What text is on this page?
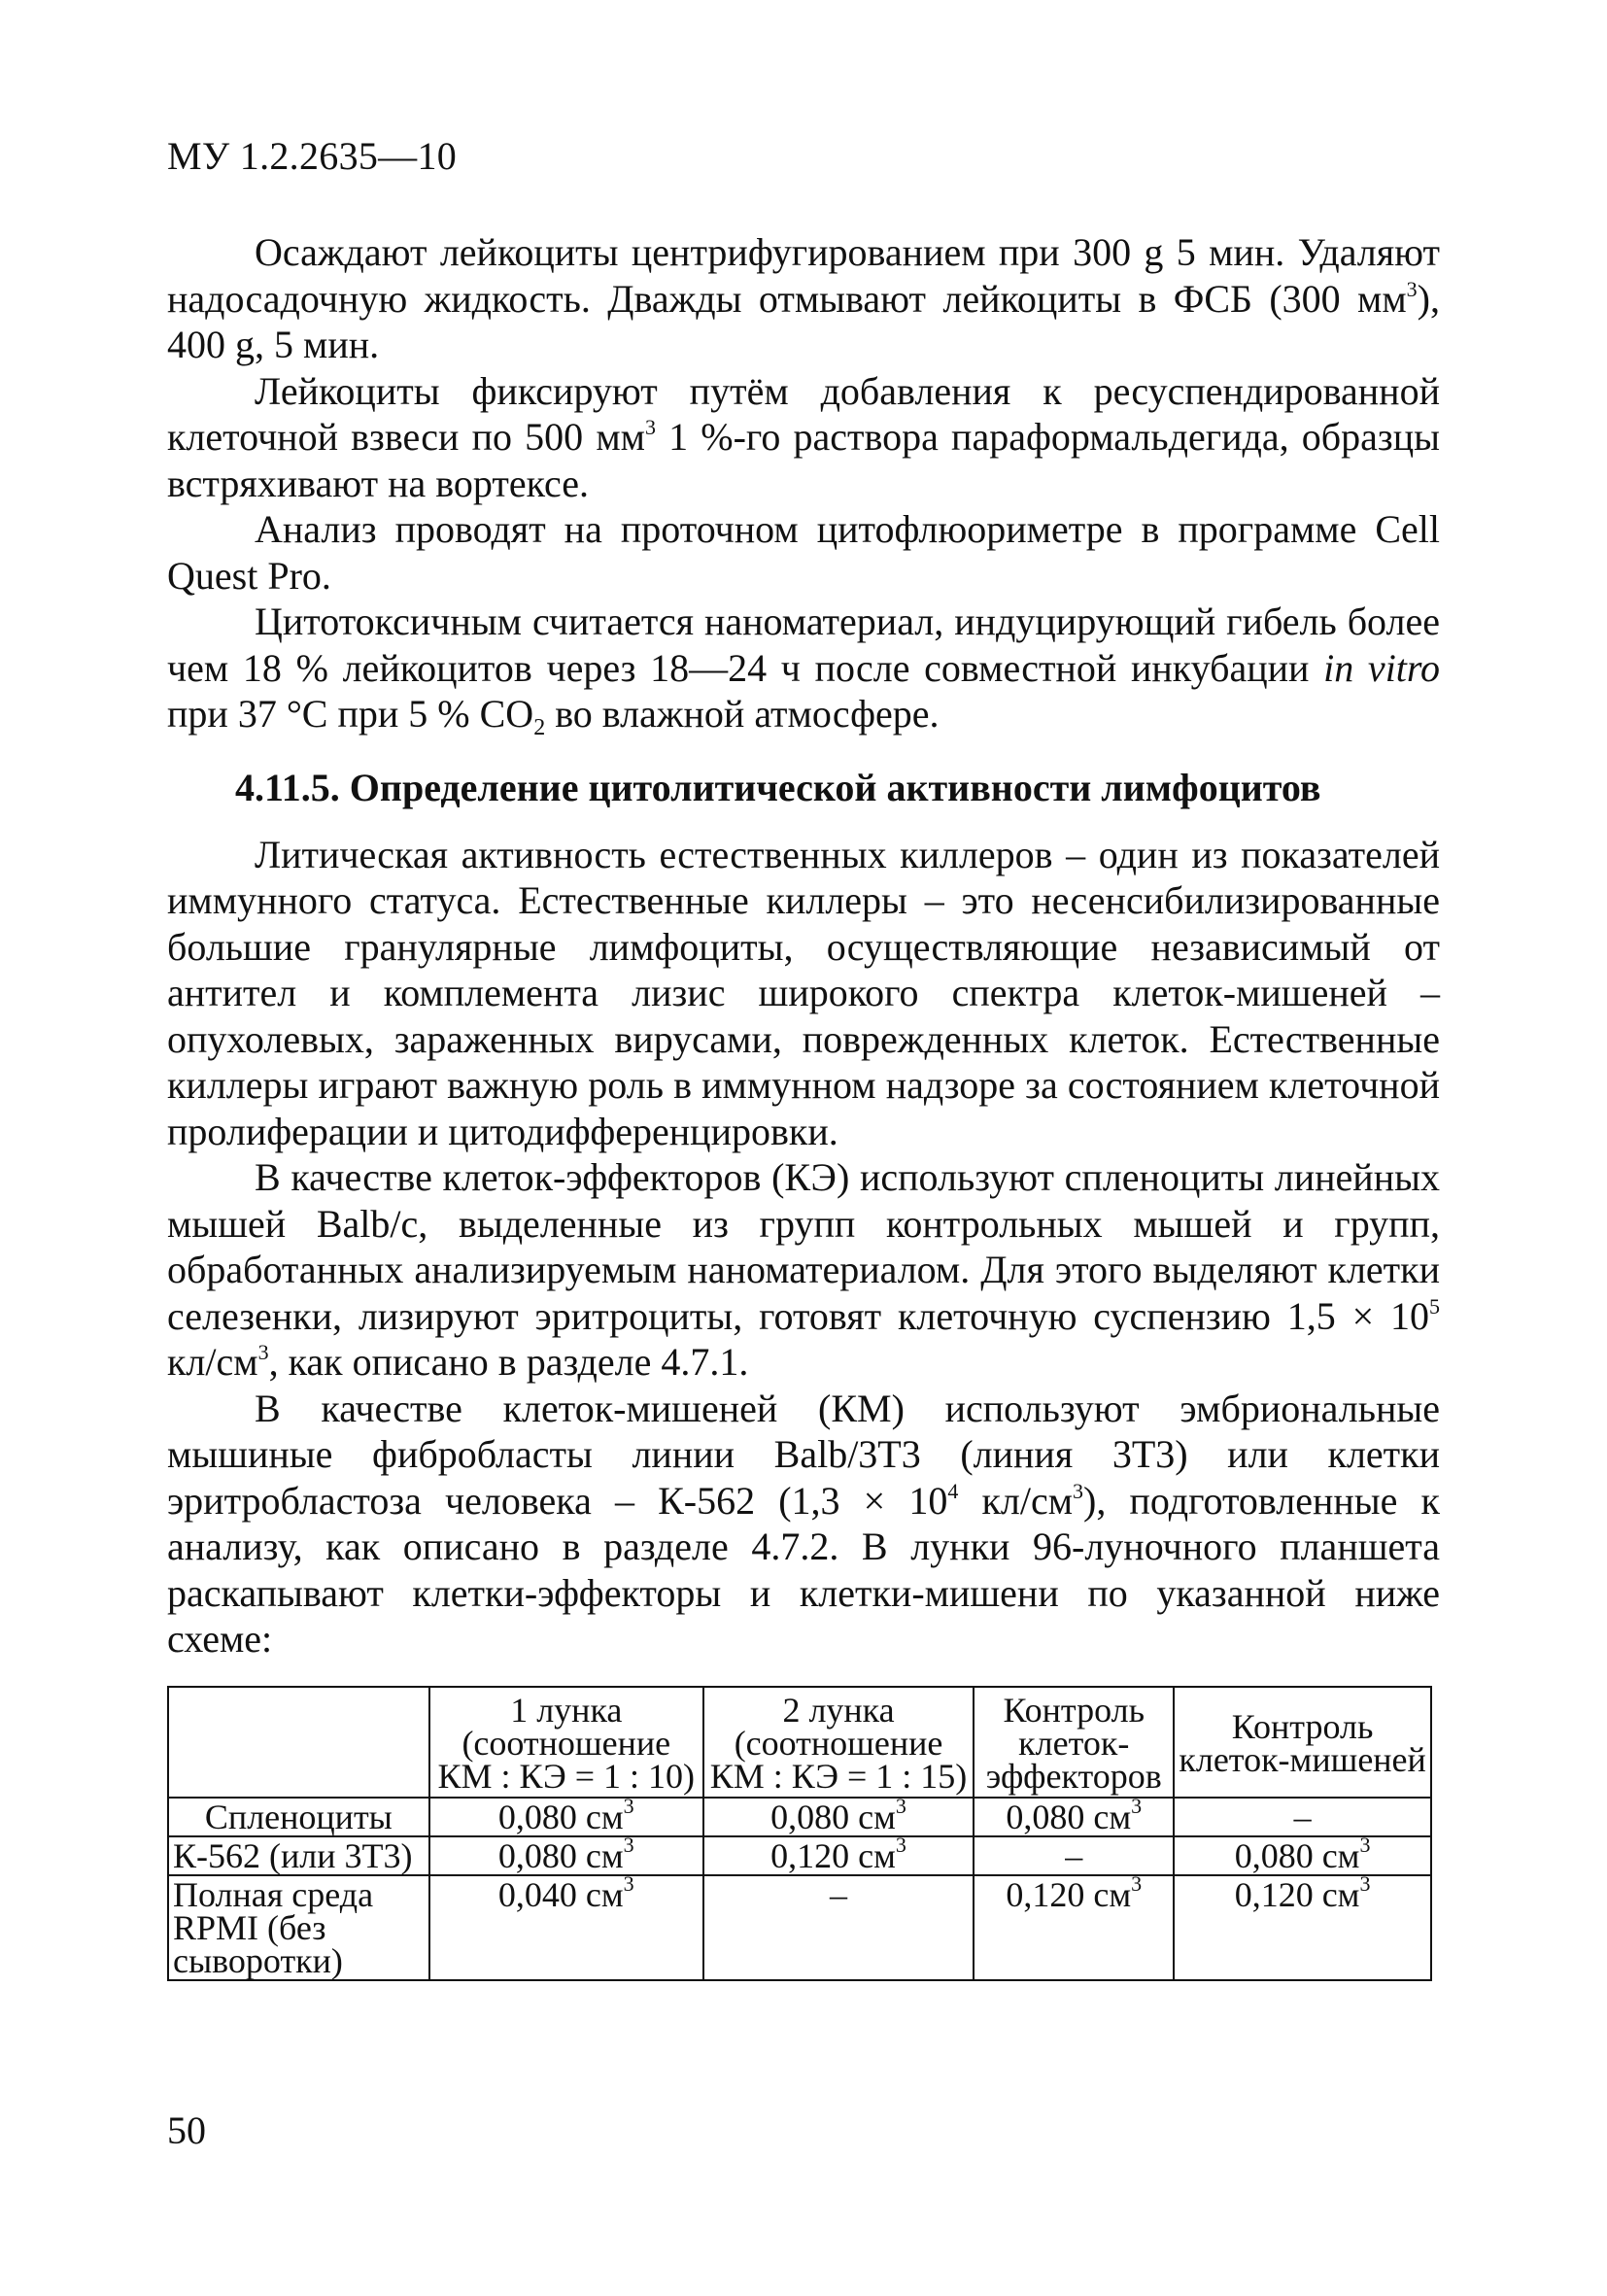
МУ 1.2.2635—10

Осаждают лейкоциты центрифугированием при 300 g 5 мин. Удаляют надосадочную жидкость. Дважды отмывают лейкоциты в ФСБ (300 $мм^3$), 400 g, 5 мин.

Лейкоциты фиксируют путём добавления к ресуспендированной клеточной взвеси по 500 $мм^3$ 1 %-го раствора параформальдегида, образцы встряхивают на вортексе.

Анализ проводят на проточном цитофлюориметре в программе Cell Quest Pro.

Цитотоксичным считается наноматериал, индуцирующий гибель более чем 18 % лейкоцитов через 18—24 ч после совместной инкубации in vitro при 37 °С при 5 % $СО_2$ во влажной атмосфере.

4.11.5. Определение цитолитической активности лимфоцитов

Литическая активность естественных киллеров – один из показателей иммунного статуса. Естественные киллеры – это несенсибилизированные большие гранулярные лимфоциты, осуществляющие независимый от антител и комплемента лизис широкого спектра клеток-мишеней – опухолевых, зараженных вирусами, поврежденных клеток. Естественные киллеры играют важную роль в иммунном надзоре за состоянием клеточной пролиферации и цитодифференцировки.

В качестве клеток-эффекторов (КЭ) используют спленоциты линейных мышей Balb/c, выделенные из групп контрольных мышей и групп, обработанных анализируемым наноматериалом. Для этого выделяют клетки селезенки, лизируют эритроциты, готовят клеточную суспензию $1,5 \times 10^5$ $кл/см^3$, как описано в разделе 4.7.1.

В качестве клеток-мишеней (КМ) используют эмбриональные мышиные фибробласты линии Balb/3Т3 (линия 3Т3) или клетки эритробластоза человека – К-562 ($1,3 \times 10^4$ $кл/см^3$), подготовленные к анализу, как описано в разделе 4.7.2. В лунки 96-луночного планшета раскапывают клетки-эффекторы и клетки-мишени по указанной ниже схеме:

	1 лунка (соотношение КМ : КЭ = 1 : 10)	2 лунка (соотношение КМ : КЭ = 1 : 15)	Контроль клеток-эффекторов	Контроль клеток-мишеней
Спленоциты	0,080 $см^3$	0,080 $см^3$	0,080 $см^3$	–
К-562 (или 3Т3)	0,080 $см^3$	0,120 $см^3$	–	0,080 $см^3$
Полная среда RPMI (без сыворотки)	0,040 $см^3$	–	0,120 $см^3$	0,120 $см^3$
50
